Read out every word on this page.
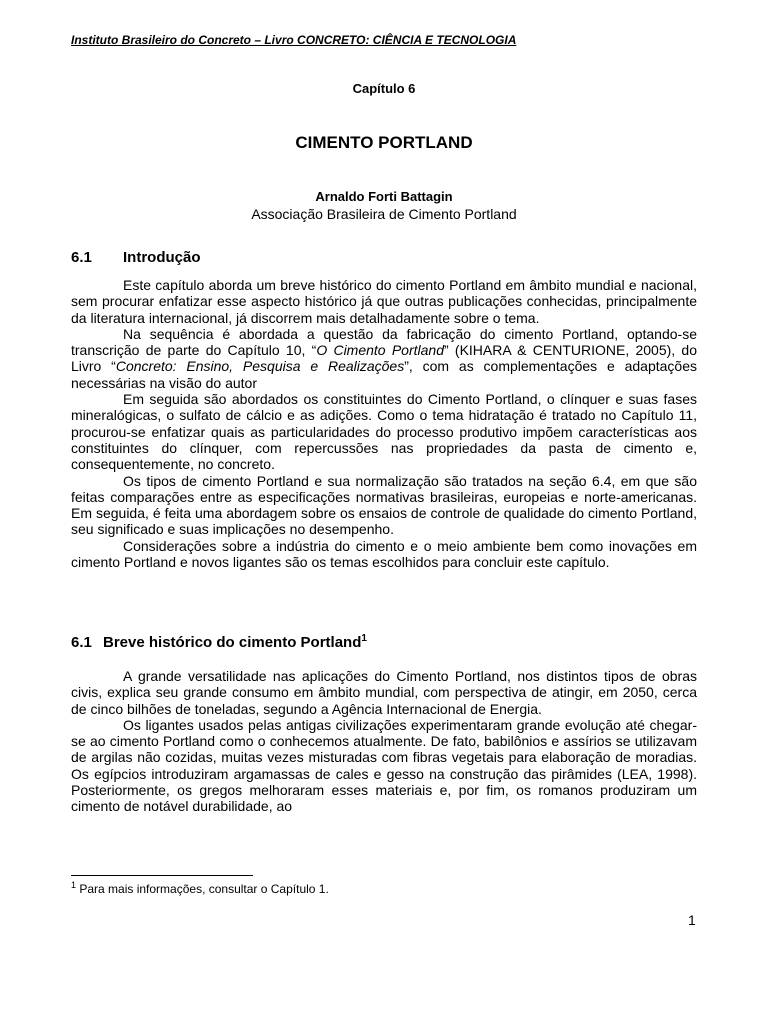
Instituto Brasileiro do Concreto – Livro CONCRETO: CIÊNCIA E TECNOLOGIA
Capítulo 6
CIMENTO PORTLAND
Arnaldo Forti Battagin
Associação Brasileira de Cimento Portland
6.1 Introdução

Este capítulo aborda um breve histórico do cimento Portland em âmbito mundial e nacional, sem procurar enfatizar esse aspecto histórico já que outras publicações conhecidas, principalmente da literatura internacional, já discorrem mais detalhadamente sobre o tema.

Na sequência é abordada a questão da fabricação do cimento Portland, optando-se transcrição de parte do Capítulo 10, “O Cimento Portland” (KIHARA & CENTURIONE, 2005), do Livro “Concreto: Ensino, Pesquisa e Realizações”, com as complementações e adaptações necessárias na visão do autor

Em seguida são abordados os constituintes do Cimento Portland, o clínquer e suas fases mineralógicas, o sulfato de cálcio e as adições. Como o tema hidratação é tratado no Capítulo 11, procurou-se enfatizar quais as particularidades do processo produtivo impõem características aos constituintes do clínquer, com repercussões nas propriedades da pasta de cimento e, consequentemente, no concreto.

Os tipos de cimento Portland e sua normalização são tratados na seção 6.4, em que são feitas comparações entre as especificações normativas brasileiras, europeias e norte-americanas. Em seguida, é feita uma abordagem sobre os ensaios de controle de qualidade do cimento Portland, seu significado e suas implicações no desempenho.

Considerações sobre a indústria do cimento e o meio ambiente bem como inovações em cimento Portland e novos ligantes são os temas escolhidos para concluir este capítulo.

6.1 Breve histórico do cimento Portland$^1$

A grande versatilidade nas aplicações do Cimento Portland, nos distintos tipos de obras civis, explica seu grande consumo em âmbito mundial, com perspectiva de atingir, em 2050, cerca de cinco bilhões de toneladas, segundo a Agência Internacional de Energia.

Os ligantes usados pelas antigas civilizações experimentaram grande evolução até chegar-se ao cimento Portland como o conhecemos atualmente. De fato, babilônios e assírios se utilizavam de argilas não cozidas, muitas vezes misturadas com fibras vegetais para elaboração de moradias. Os egípcios introduziram argamassas de cales e gesso na construção das pirâmides (LEA, 1998). Posteriormente, os gregos melhoraram esses materiais e, por fim, os romanos produziram um cimento de notável durabilidade, ao

$^1$ Para mais informações, consultar o Capítulo 1.
1
